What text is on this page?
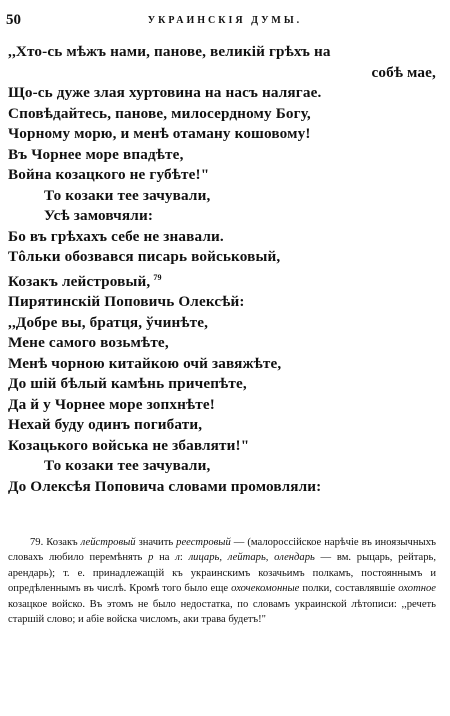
50	УКРАИНСКІЯ ДУМЫ.
,,Хто-сь мѣжъ нами, панове, великій грѣхъ на
собѣ мае,
Що-сь дуже злая хуртовина на насъ налягае.
Сповѣдайтесь, панове, милосердному Богу,
Чорному морю, и менѣ отаману кошовому!
Въ Чорнее море впадѣте,
Война козацкого не губѣте!"
То козаки тее зачували,
Усѣ замовчяли:
Бо въ грѣхахъ себе не знавали.
Тôльки обозвався писарь войськовый,
Козакъ лейстровый, $^{79}$
Пирятинскій Поповичь Олексѣй:
,,Добре вы, братця, ўчинѣте,
Мене самого возьмѣте,
Менѣ чорною китайкою очй завяжѣте,
До шій бѣлый камѣнь причепѣте,
Да й у Чорнее море зопхнѣте!
Нехай буду одинъ погибати,
Козацького войська не збавляти!"
То козаки тее зачували,
До Олексѣя Поповича словами промовляли:

79. Козакъ лейстровый значить реестровый — (малороссійское нарѣчіе въ иноязычныхъ словахъ любило перемѣнять р на л: лицарь, лейтарь, олендарь — вм. рыцарь, рейтарь, арендарь); т. е. принадлежащій къ украинскимъ козачьимъ полкамъ, постояннымъ и опредѣленнымъ въ числѣ. Кромѣ того было еще охочекомонные полки, составлявшіе охотное козацкое войско. Въ этомъ не было недостатка, по словамъ украинской лѣтописи: ,,речеть старшій слово; и абіе войска числомъ, аки трава будетъ!"
